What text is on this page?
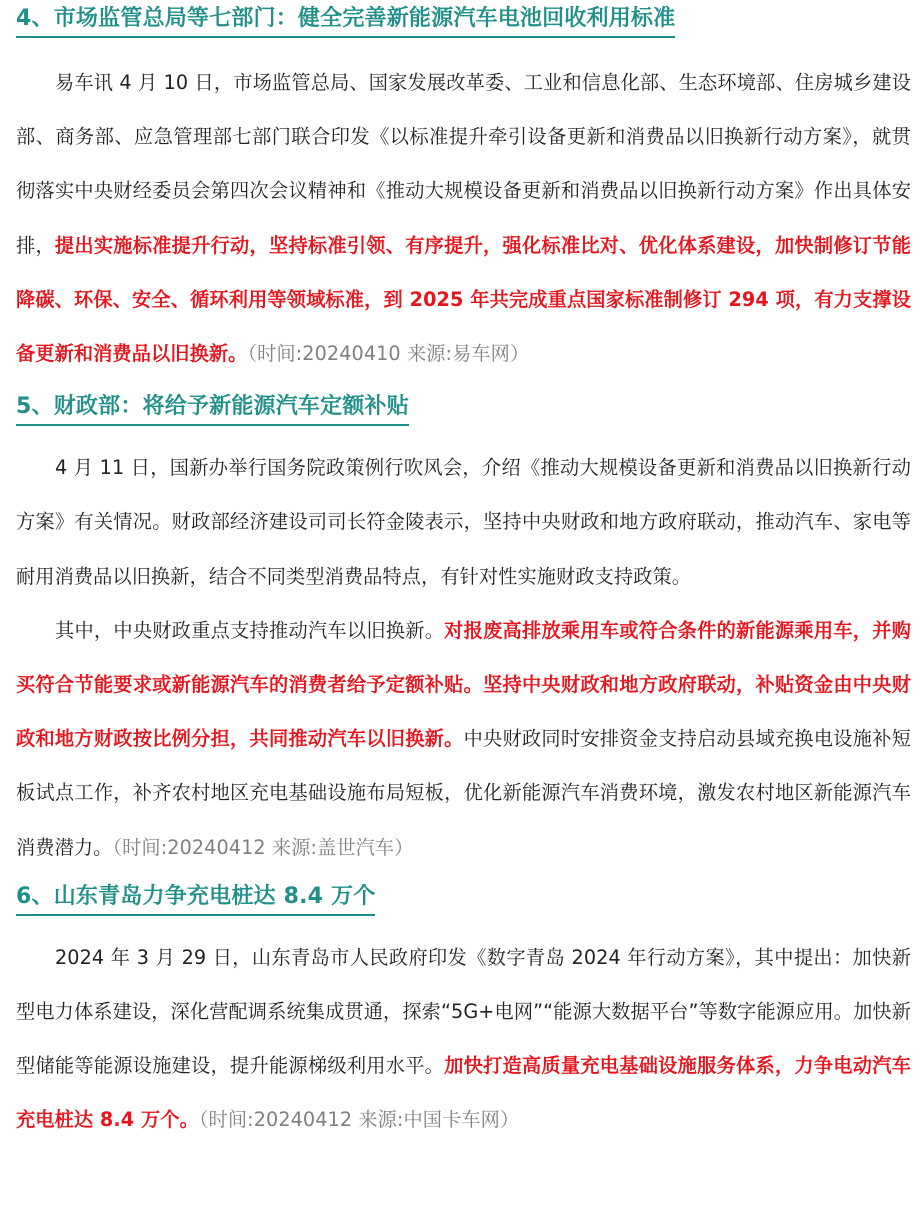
4、市场监管总局等七部门：健全完善新能源汽车电池回收利用标准

易车讯 4 月 10 日，市场监管总局、国家发展改革委、工业和信息化部、生态环境部、住房城乡建设部、商务部、应急管理部七部门联合印发《以标准提升牵引设备更新和消费品以旧换新行动方案》，就贯彻落实中央财经委员会第四次会议精神和《推动大规模设备更新和消费品以旧换新行动方案》作出具体安排，提出实施标准提升行动，坚持标准引领、有序提升，强化标准比对、优化体系建设，加快制修订节能降碳、环保、安全、循环利用等领域标准，到 2025 年共完成重点国家标准制修订 294 项，有力支撑设备更新和消费品以旧换新。（时间:20240410 来源:易车网）

5、财政部：将给予新能源汽车定额补贴

4 月 11 日，国新办举行国务院政策例行吹风会，介绍《推动大规模设备更新和消费品以旧换新行动方案》有关情况。财政部经济建设司司长符金陵表示，坚持中央财政和地方政府联动，推动汽车、家电等耐用消费品以旧换新，结合不同类型消费品特点，有针对性实施财政支持政策。

其中，中央财政重点支持推动汽车以旧换新。对报废高排放乘用车或符合条件的新能源乘用车，并购买符合节能要求或新能源汽车的消费者给予定额补贴。坚持中央财政和地方政府联动，补贴资金由中央财政和地方财政按比例分担，共同推动汽车以旧换新。中央财政同时安排资金支持启动县域充换电设施补短板试点工作，补齐农村地区充电基础设施布局短板，优化新能源汽车消费环境，激发农村地区新能源汽车消费潜力。（时间:20240412 来源:盖世汽车）

6、山东青岛力争充电桩达 8.4 万个

2024 年 3 月 29 日，山东青岛市人民政府印发《数字青岛 2024 年行动方案》，其中提出：加快新型电力体系建设，深化营配调系统集成贯通，探索“5G+电网”“能源大数据平台”等数字能源应用。加快新型储能等能源设施建设，提升能源梯级利用水平。加快打造高质量充电基础设施服务体系，力争电动汽车充电桩达 8.4 万个。（时间:20240412 来源:中国卡车网）
